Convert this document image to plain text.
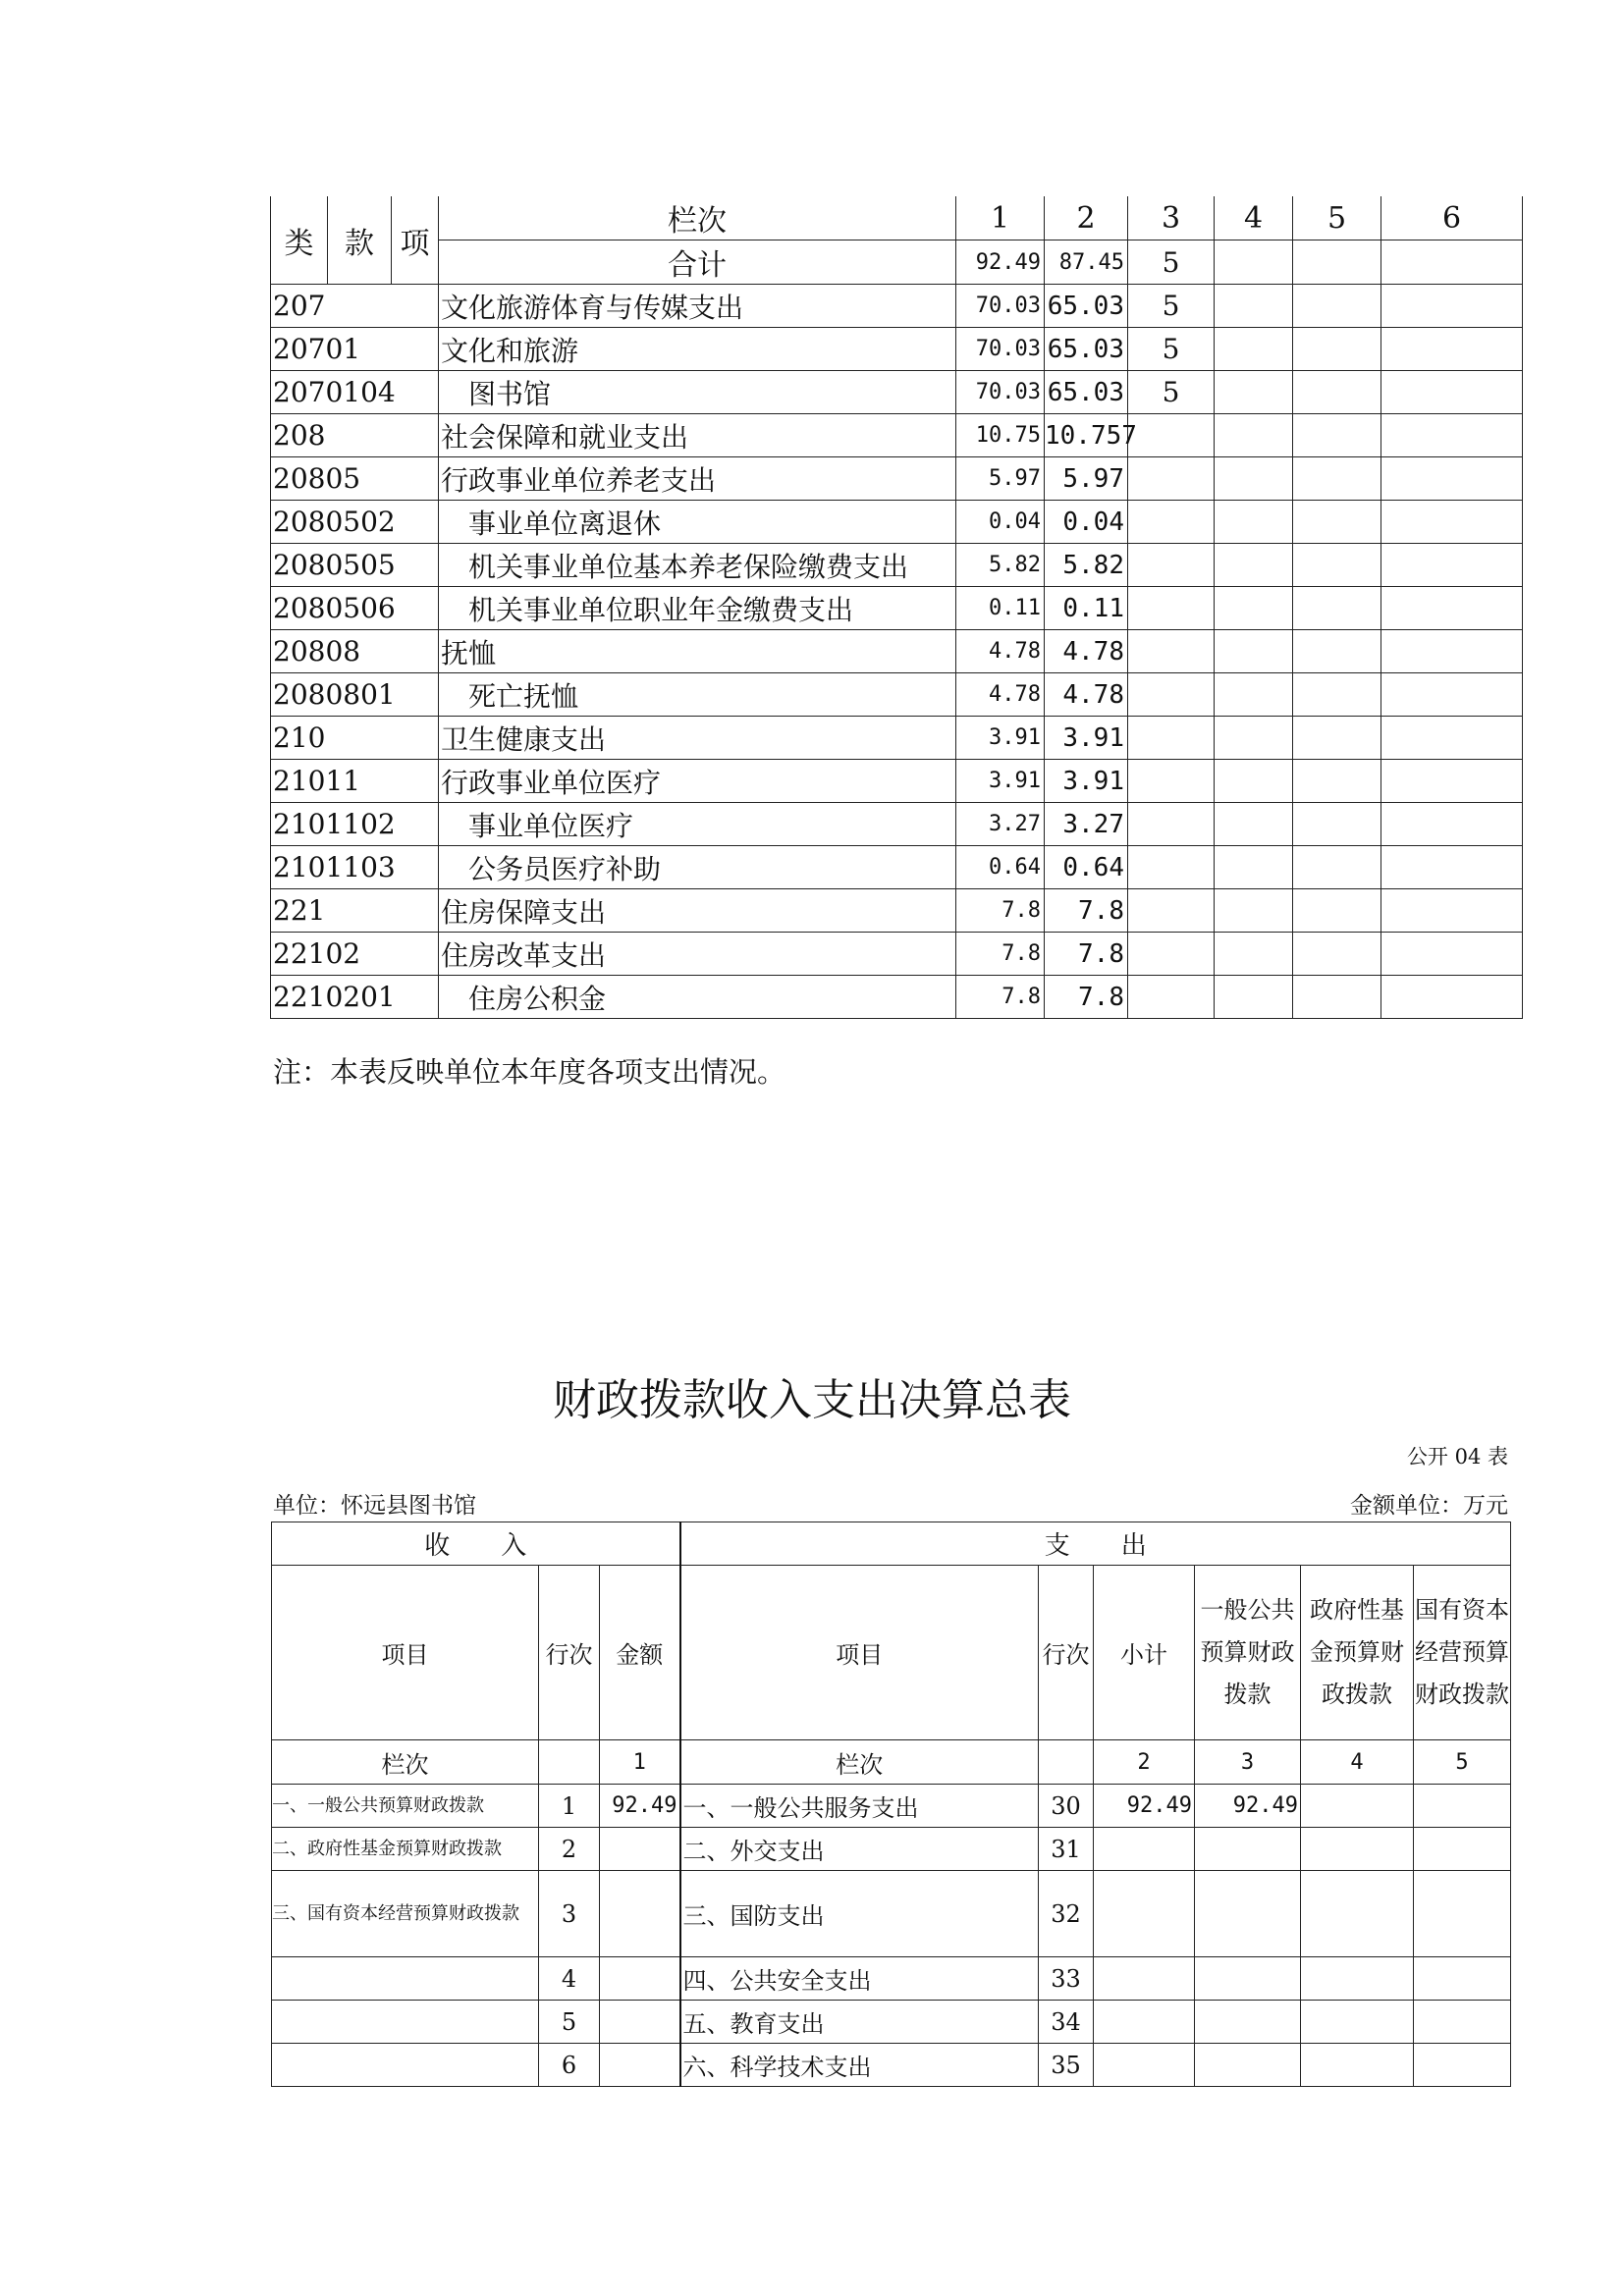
类	款	项	栏次	1	2	3	4	5	6
			合计	92.49	87.45	5			
207			文化旅游体育与传媒支出	70.03	65.03	5			
20701			文化和旅游	70.03	65.03	5			
2070104			图书馆	70.03	65.03	5			
208			社会保障和就业支出	10.75	10.757				
20805			行政事业单位养老支出	5.97	5.97				
2080502			事业单位离退休	0.04	0.04				
2080505			机关事业单位基本养老保险缴费支出	5.82	5.82				
2080506			机关事业单位职业年金缴费支出	0.11	0.11				
20808			抚恤	4.78	4.78				
2080801			死亡抚恤	4.78	4.78				
210			卫生健康支出	3.91	3.91				
21011			行政事业单位医疗	3.91	3.91				
2101102			事业单位医疗	3.27	3.27				
2101103			公务员医疗补助	0.64	0.64				
221			住房保障支出	7.8	7.8				
22102			住房改革支出	7.8	7.8				
2210201			住房公积金	7.8	7.8				
注：本表反映单位本年度各项支出情况。
财政拨款收入支出决算总表
公开 04 表
单位：怀远县图书馆	金额单位：万元
收　　入			支　　出					
项目	行次	金额	项目	行次	小计	一般公共预算财政拨款	政府性基金预算财政拨款	国有资本经营预算财政拨款
栏次		1	栏次		2	3	4	5
一、一般公共预算财政拨款	1	92.49	一、一般公共服务支出	30	92.49	92.49		
二、政府性基金预算财政拨款	2		二、外交支出	31				
三、国有资本经营预算财政拨款	3		三、国防支出	32				
	4		四、公共安全支出	33				
	5		五、教育支出	34				
	6		六、科学技术支出	35				
